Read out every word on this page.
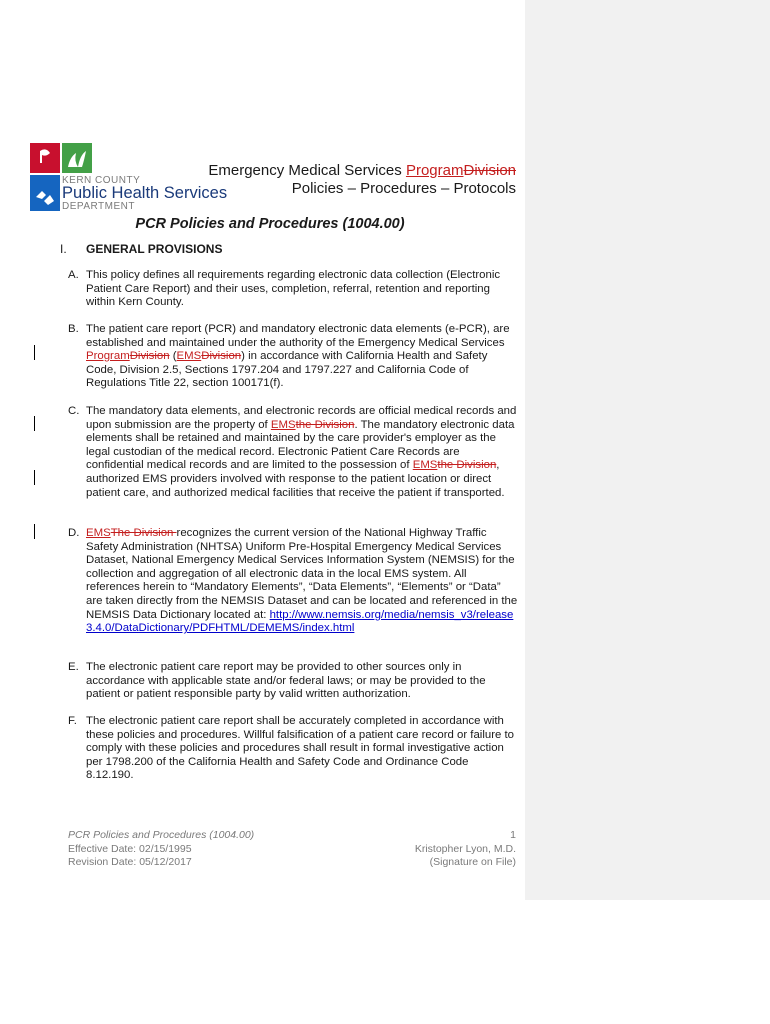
KERN COUNTY
Public Health Services
DEPARTMENT
Emergency Medical Services ProgramDivision
Policies – Procedures – Protocols
PCR Policies and Procedures (1004.00)
I. GENERAL PROVISIONS
A. This policy defines all requirements regarding electronic data collection (Electronic Patient Care Report) and their uses, completion, referral, retention and reporting within Kern County.
B. The patient care report (PCR) and mandatory electronic data elements (e-PCR), are established and maintained under the authority of the Emergency Medical Services ProgramDivision (EMSDivision) in accordance with California Health and Safety Code, Division 2.5, Sections 1797.204 and 1797.227 and California Code of Regulations Title 22, section 100171(f).
C. The mandatory data elements, and electronic records are official medical records and upon submission are the property of EMSthe Division. The mandatory electronic data elements shall be retained and maintained by the care provider's employer as the legal custodian of the medical record. Electronic Patient Care Records are confidential medical records and are limited to the possession of EMSthe Division, authorized EMS providers involved with response to the patient location or direct patient care, and authorized medical facilities that receive the patient if transported.
D. EMSThe Division recognizes the current version of the National Highway Traffic Safety Administration (NHTSA) Uniform Pre-Hospital Emergency Medical Services Dataset, National Emergency Medical Services Information System (NEMSIS) for the collection and aggregation of all electronic data in the local EMS system. All references herein to “Mandatory Elements”, “Data Elements”, “Elements” or “Data” are taken directly from the NEMSIS Dataset and can be located and referenced in the NEMSIS Data Dictionary located at: http://www.nemsis.org/media/nemsis_v3/release3.4.0/DataDictionary/PDFHTML/DEMEMS/index.html
E. The electronic patient care report may be provided to other sources only in accordance with applicable state and/or federal laws; or may be provided to the patient or patient responsible party by valid written authorization.
F. The electronic patient care report shall be accurately completed in accordance with these policies and procedures. Willful falsification of a patient care record or failure to comply with these policies and procedures shall result in formal investigative action per 1798.200 of the California Health and Safety Code and Ordinance Code 8.12.190.
PCR Policies and Procedures (1004.00)
Effective Date: 02/15/1995
Revision Date: 05/12/2017
1
Kristopher Lyon, M.D.
(Signature on File)
